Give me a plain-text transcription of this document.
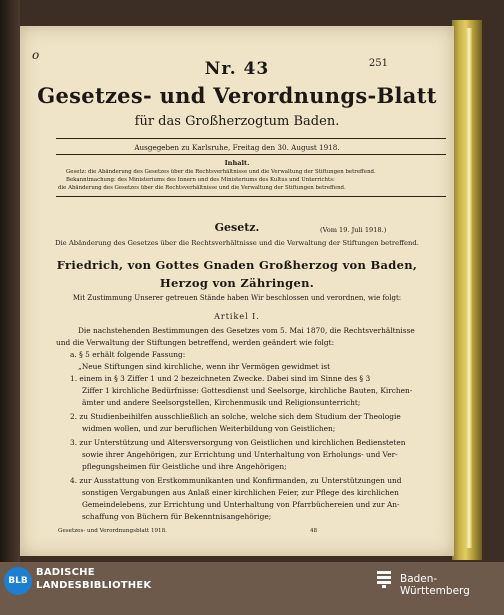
o
251
Nr. 43
Gesetzes- und Verordnungs-Blatt
für das Großherzogtum Baden.
Ausgegeben zu Karlsruhe, Freitag den 30. August 1918.
Inhalt.
Gesetz: die Abänderung des Gesetzes über die Rechtsverhältnisse und die Verwaltung der Stiftungen betreffend.
Bekanntmachung: des Ministeriums des Innern und des Ministeriums des Kultus und Unterrichts:
die Abänderung des Gesetzes über die Rechtsverhältnisse und die Verwaltung der Stiftungen betreffend.
Gesetz.	(Vom 19. Juli 1918.)
Die Abänderung des Gesetzes über die Rechtsverhältnisse und die Verwaltung der Stiftungen betreffend.
Friedrich, von Gottes Gnaden Großherzog von Baden,
Herzog von Zähringen.
Mit Zustimmung Unserer getreuen Stände haben Wir beschlossen und verordnen, wie folgt:
Artikel I.
Die nachstehenden Bestimmungen des Gesetzes vom 5. Mai 1870, die Rechtsverhältnisse
und die Verwaltung der Stiftungen betreffend, werden geändert wie folgt:
a. § 5 erhält folgende Fassung:
„Neue Stiftungen sind kirchliche, wenn ihr Vermögen gewidmet ist
1. einem in § 3 Ziffer 1 und 2 bezeichneten Zwecke. Dabei sind im Sinne des § 3
Ziffer 1 kirchliche Bedürfnisse: Gottesdienst und Seelsorge, kirchliche Bauten, Kirchen-
ämter und andere Seelsorgstellen, Kirchenmusik und Religionsunterricht;
2. zu Studienbeihilfen ausschließlich an solche, welche sich dem Studium der Theologie
widmen wollen, und zur beruflichen Weiterbildung von Geistlichen;
3. zur Unterstützung und Altersversorgung von Geistlichen und kirchlichen Bediensteten
sowie ihrer Angehörigen, zur Errichtung und Unterhaltung von Erholungs- und Ver-
pflegungsheimen für Geistliche und ihre Angehörigen;
4. zur Ausstattung von Erstkommunikanten und Konfirmanden, zu Unterstützungen und
sonstigen Vergabungen aus Anlaß einer kirchlichen Feier, zur Pflege des kirchlichen
Gemeindelebens, zur Errichtung und Unterhaltung von Pfarrbüchereien und zur An-
schaffung von Büchern für Bekenntnisangehörige;
Gesetzes- und Verordnungsblatt 1918.	48
BLB
BADISCHE
LANDESBIBLIOTHEK
Baden-Württemberg
